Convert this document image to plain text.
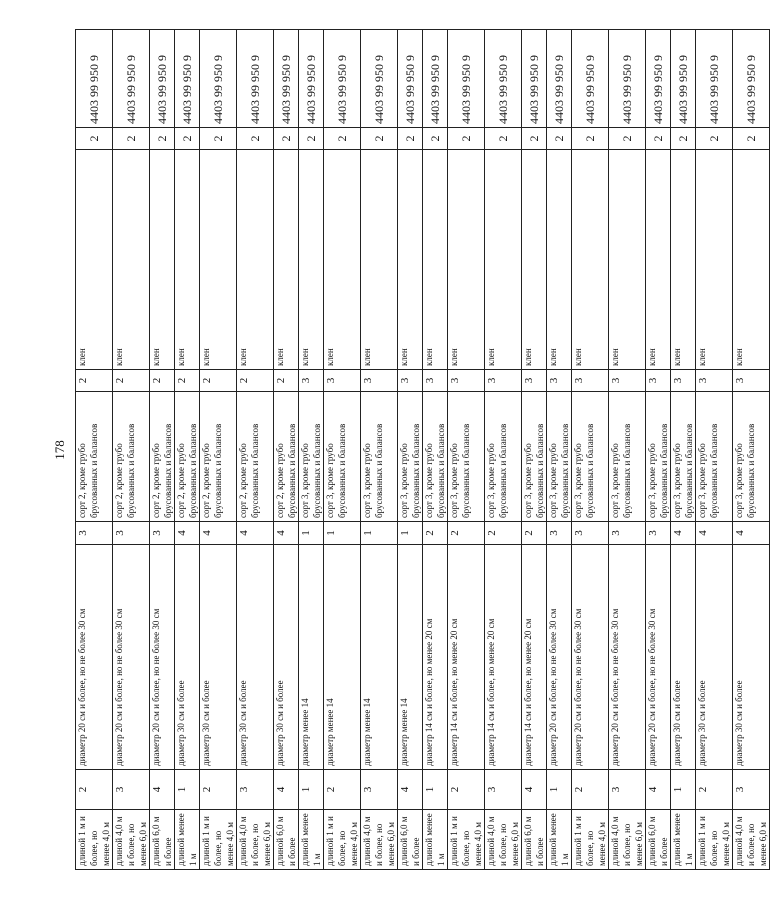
178
длиной 1 м и более, но менее 4,0 м	2	диаметр 20 см и более, но не более 30 см	3	сорт 2, кроме грубо брусованных и балансов	2	клен	2	4403 99 950 9
длиной 4,0 м и более, но менее 6,0 м	3	диаметр 20 см и более, но не более 30 см	3	сорт 2, кроме грубо брусованных и балансов	2	клен	2	4403 99 950 9
длиной 6,0 м и более	4	диаметр 20 см и более, но не более 30 см	3	сорт 2, кроме грубо брусованных и балансов	2	клен	2	4403 99 950 9
длиной менее 1 м	1	диаметр 30 см и более	4	сорт 2, кроме грубо брусованных и балансов	2	клен	2	4403 99 950 9
длиной 1 м и более, но менее 4,0 м	2	диаметр 30 см и более	4	сорт 2, кроме грубо брусованных и балансов	2	клен	2	4403 99 950 9
длиной 4,0 м и более, но менее 6,0 м	3	диаметр 30 см и более	4	сорт 2, кроме грубо брусованных и балансов	2	клен	2	4403 99 950 9
длиной 6,0 м и более	4	диаметр 30 см и более	4	сорт 2, кроме грубо брусованных и балансов	2	клен	2	4403 99 950 9
длиной менее 1 м	1	диаметр менее 14	1	сорт 3, кроме грубо брусованных и балансов	3	клен	2	4403 99 950 9
длиной 1 м и более, но менее 4,0 м	2	диаметр менее 14	1	сорт 3, кроме грубо брусованных и балансов	3	клен	2	4403 99 950 9
длиной 4,0 м и более, но менее 6,0 м	3	диаметр менее 14	1	сорт 3, кроме грубо брусованных и балансов	3	клен	2	4403 99 950 9
длиной 6,0 м и более	4	диаметр менее 14	1	сорт 3, кроме грубо брусованных и балансов	3	клен	2	4403 99 950 9
длиной менее 1 м	1	диаметр 14 см и более, но менее 20 см	2	сорт 3, кроме грубо брусованных и балансов	3	клен	2	4403 99 950 9
длиной 1 м и более, но менее 4,0 м	2	диаметр 14 см и более, но менее 20 см	2	сорт 3, кроме грубо брусованных и балансов	3	клен	2	4403 99 950 9
длиной 4,0 м и более, но менее 6,0 м	3	диаметр 14 см и более, но менее 20 см	2	сорт 3, кроме грубо брусованных и балансов	3	клен	2	4403 99 950 9
длиной 6,0 м и более	4	диаметр 14 см и более, но менее 20 см	2	сорт 3, кроме грубо брусованных и балансов	3	клен	2	4403 99 950 9
длиной менее 1 м	1	диаметр 20 см и более, но не более 30 см	3	сорт 3, кроме грубо брусованных и балансов	3	клен	2	4403 99 950 9
длиной 1 м и более, но менее 4,0 м	2	диаметр 20 см и более, но не более 30 см	3	сорт 3, кроме грубо брусованных и балансов	3	клен	2	4403 99 950 9
длиной 4,0 м и более, но менее 6,0 м	3	диаметр 20 см и более, но не более 30 см	3	сорт 3, кроме грубо брусованных и балансов	3	клен	2	4403 99 950 9
длиной 6,0 м и более	4	диаметр 20 см и более, но не более 30 см	3	сорт 3, кроме грубо брусованных и балансов	3	клен	2	4403 99 950 9
длиной менее 1 м	1	диаметр 30 см и более	4	сорт 3, кроме грубо брусованных и балансов	3	клен	2	4403 99 950 9
длиной 1 м и более, но менее 4,0 м	2	диаметр 30 см и более	4	сорт 3, кроме грубо брусованных и балансов	3	клен	2	4403 99 950 9
длиной 4,0 м и более, но менее 6,0 м	3	диаметр 30 см и более	4	сорт 3, кроме грубо брусованных и балансов	3	клен	2	4403 99 950 9
